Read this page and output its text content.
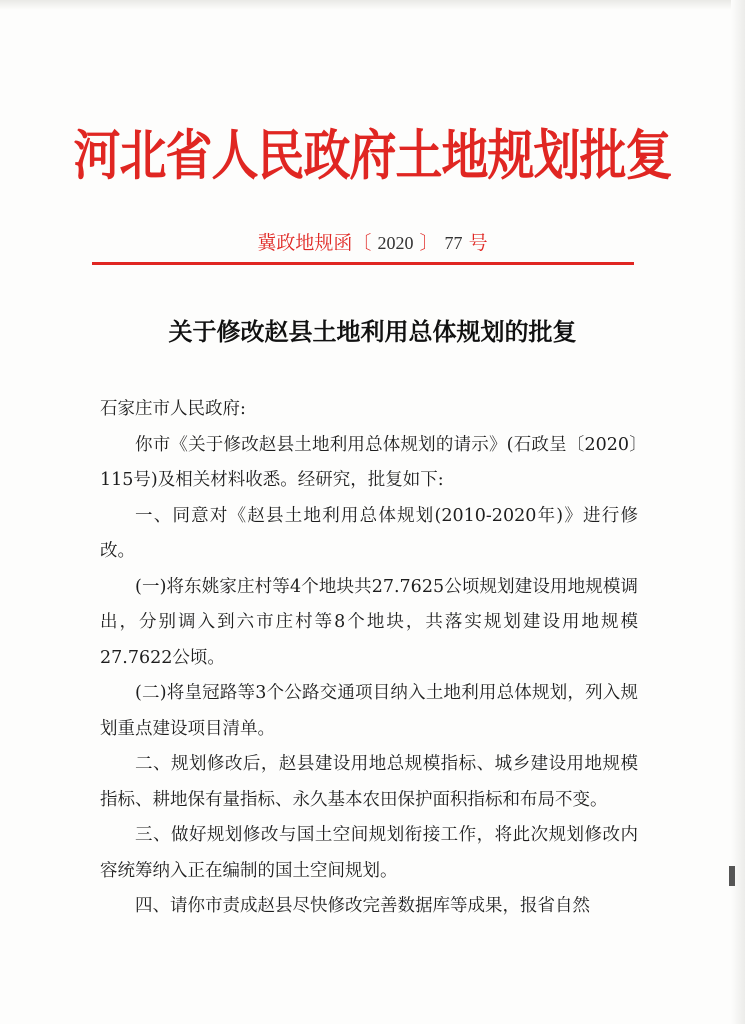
河北省人民政府土地规划批复
冀政地规函〔 2020 〕 77 号
关于修改赵县土地利用总体规划的批复

石家庄市人民政府:

你市《关于修改赵县土地利用总体规划的请示》(石政呈〔2020〕115号)及相关材料收悉。经研究，批复如下:

一、同意对《赵县土地利用总体规划(2010-2020年)》进行修改。

(一)将东姚家庄村等4个地块共27.7625公顷规划建设用地规模调出，分别调入到六市庄村等8个地块，共落实规划建设用地规模27.7622公顷。

(二)将皇冠路等3个公路交通项目纳入土地利用总体规划，列入规划重点建设项目清单。

二、规划修改后，赵县建设用地总规模指标、城乡建设用地规模指标、耕地保有量指标、永久基本农田保护面积指标和布局不变。

三、做好规划修改与国土空间规划衔接工作，将此次规划修改内容统筹纳入正在编制的国土空间规划。

四、请你市责成赵县尽快修改完善数据库等成果，报省自然
